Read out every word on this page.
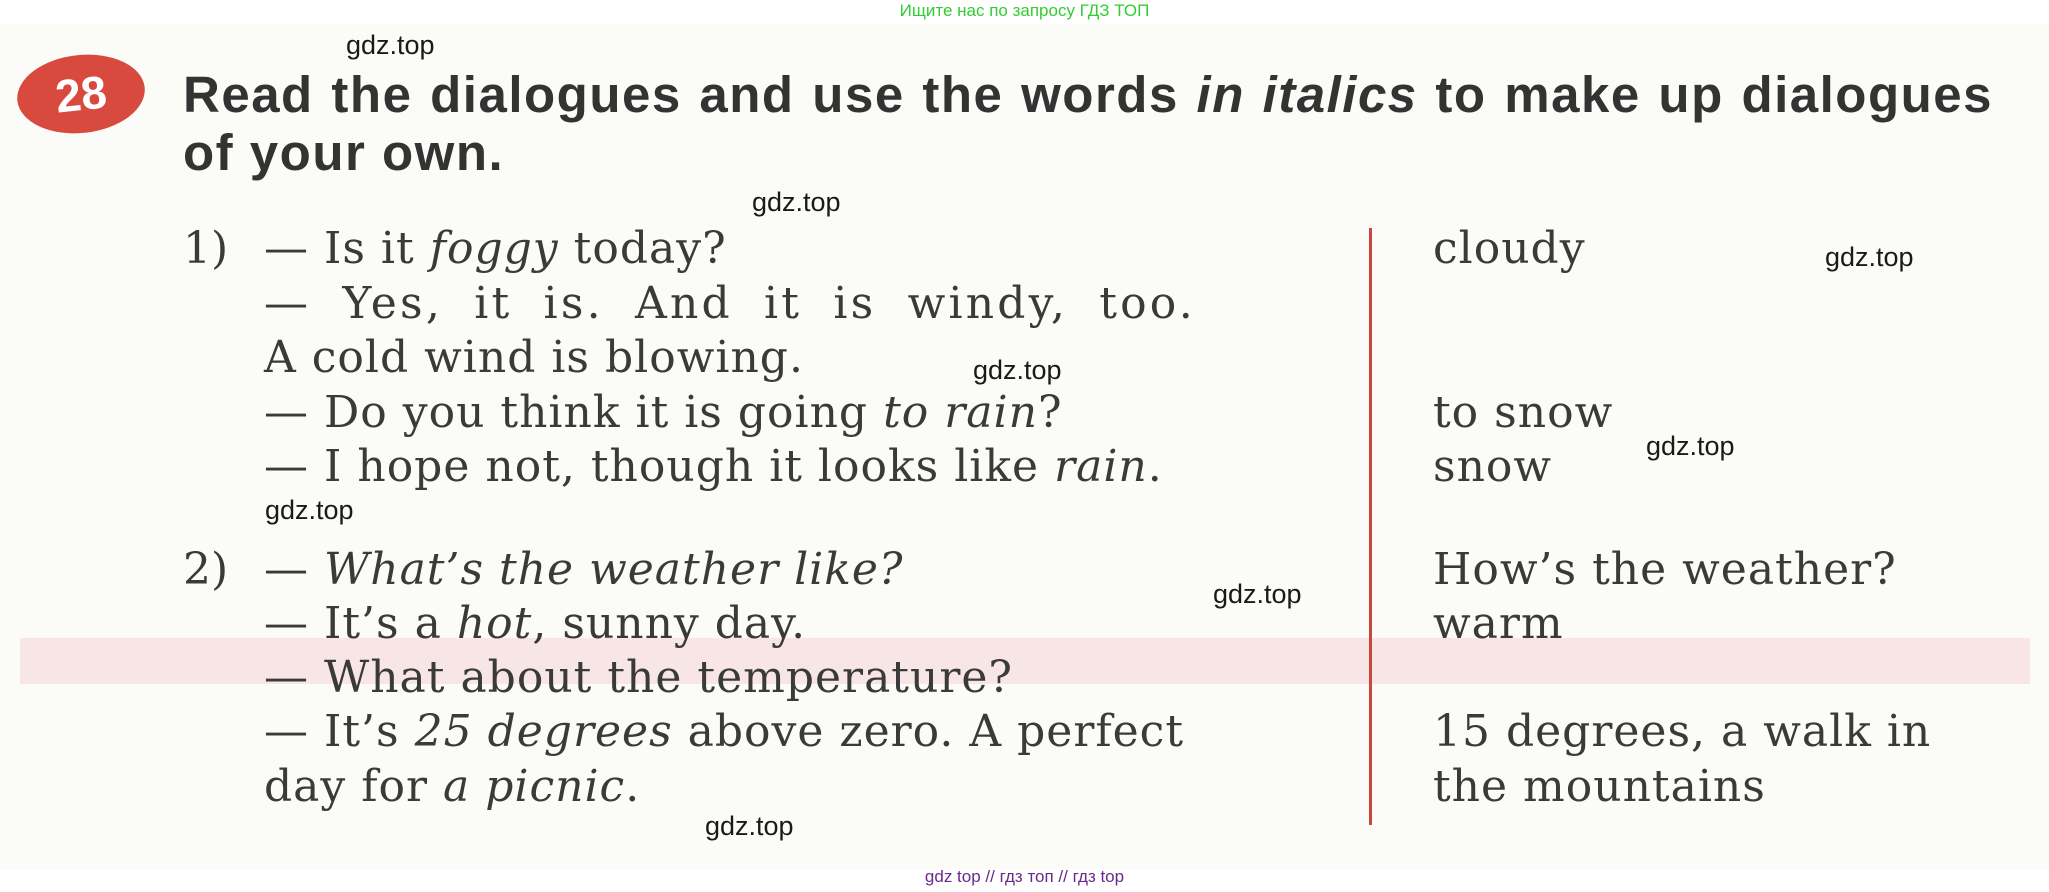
Ищите нас по запросу ГДЗ ТОП
28	Read the dialogues and use the words in italics to make up dialogues of your own.
1) — Is it foggy today?
— Yes, it is. And it is windy, too.
A cold wind is blowing.
— Do you think it is going to rain?
— I hope not, though it looks like rain.
2) — What’s the weather like?
— It’s a hot, sunny day.
— What about the temperature?
— It’s 25 degrees above zero. A perfect
day for a picnic.
cloudy
to snow
snow
How’s the weather?
warm
15 degrees, a walk in
the mountains
gdz.top
gdz.top
gdz.top
gdz.top
gdz.top
gdz.top
gdz.top
gdz.top
gdz top // гдз топ // гдз top
